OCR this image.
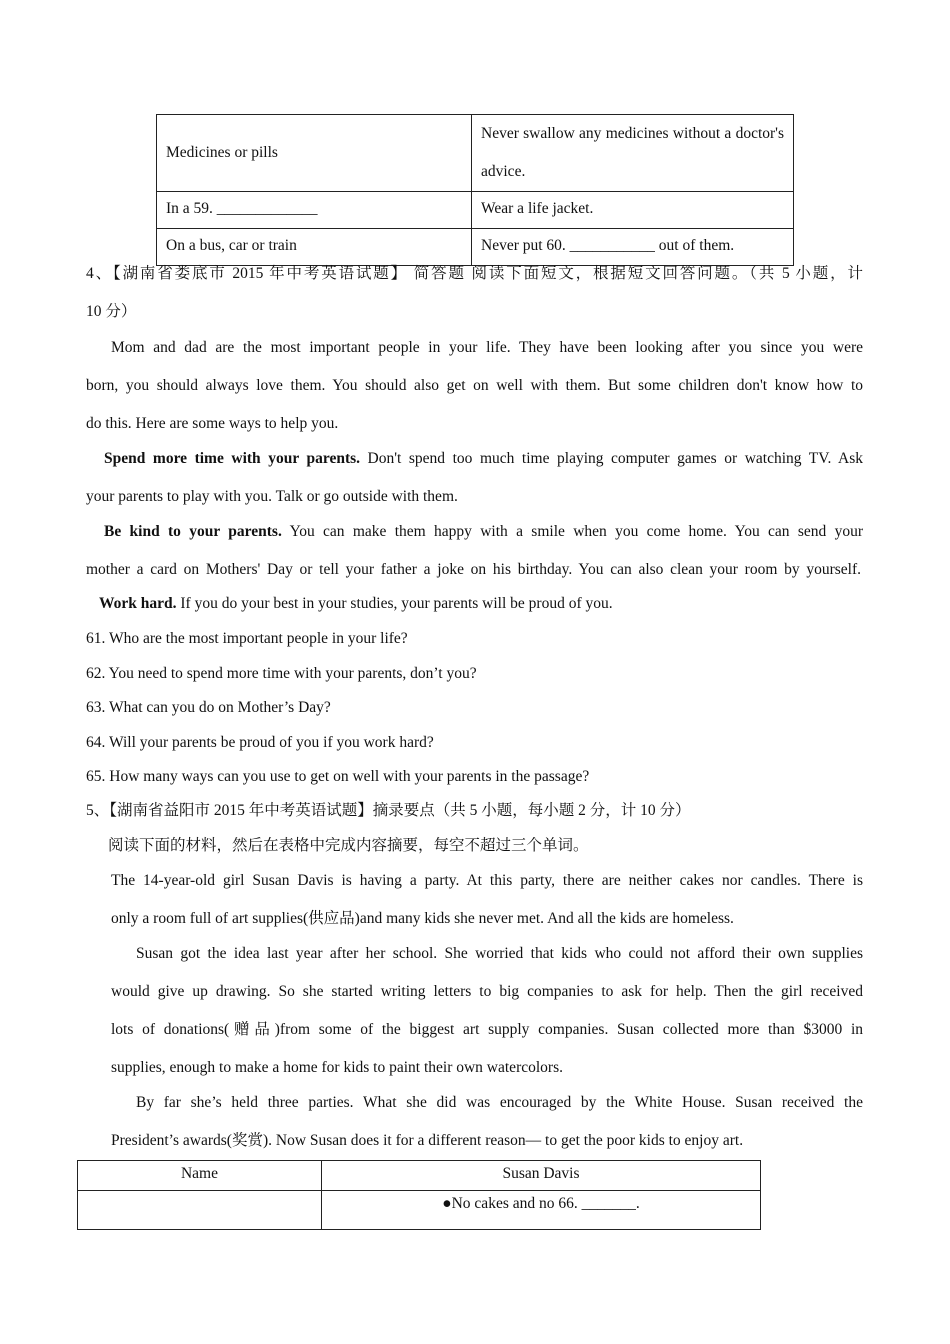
Medicines or pills	Never swallow any medicines without a doctor's advice.
In a 59. _____________	Wear a life jacket.
On a bus, car or train	Never put 60. ___________ out of them.
4、【湖南省娄底市 2015 年中考英语试题】 简答题 阅读下面短文，根据短文回答问题。（共 5 小题，计
10 分）
Mom and dad are the most important people in your life. They have been looking after you since you were
born, you should always love them. You should also get on well with them. But some children don't know how to
do this. Here are some ways to help you.
Spend more time with your parents. Don't spend too much time playing computer games or watching TV. Ask
your parents to play with you. Talk or go outside with them.
Be kind to your parents. You can make them happy with a smile when you come home. You can send your
mother a card on Mothers' Day or tell your father a joke on his birthday. You can also clean your room by yourself.
Work hard. If you do your best in your studies, your parents will be proud of you.
61. Who are the most important people in your life?
62. You need to spend more time with your parents, don’t you?
63. What can you do on Mother’s Day?
64. Will your parents be proud of you if you work hard?
65. How many ways can you use to get on well with your parents in the passage?
5、【湖南省益阳市 2015 年中考英语试题】摘录要点（共 5 小题，每小题 2 分，计 10 分）
阅读下面的材料，然后在表格中完成内容摘要，每空不超过三个单词。
The 14-year-old girl Susan Davis is having a party. At this party, there are neither cakes nor candles. There is
only a room full of art supplies(供应品)and many kids she never met. And all the kids are homeless.
Susan got the idea last year after her school. She worried that kids who could not afford their own supplies
would give up drawing. So she started writing letters to big companies to ask for help. Then the girl received
lots of donations(赠品)from some of the biggest art supply companies. Susan collected more than $3000 in
supplies, enough to make a home for kids to paint their own watercolors.
By far she’s held three parties. What she did was encouraged by the White House. Susan received the
President’s awards(奖赏). Now Susan does it for a different reason— to get the poor kids to enjoy art.
Name	Susan Davis
	●No cakes and no 66. _______.
